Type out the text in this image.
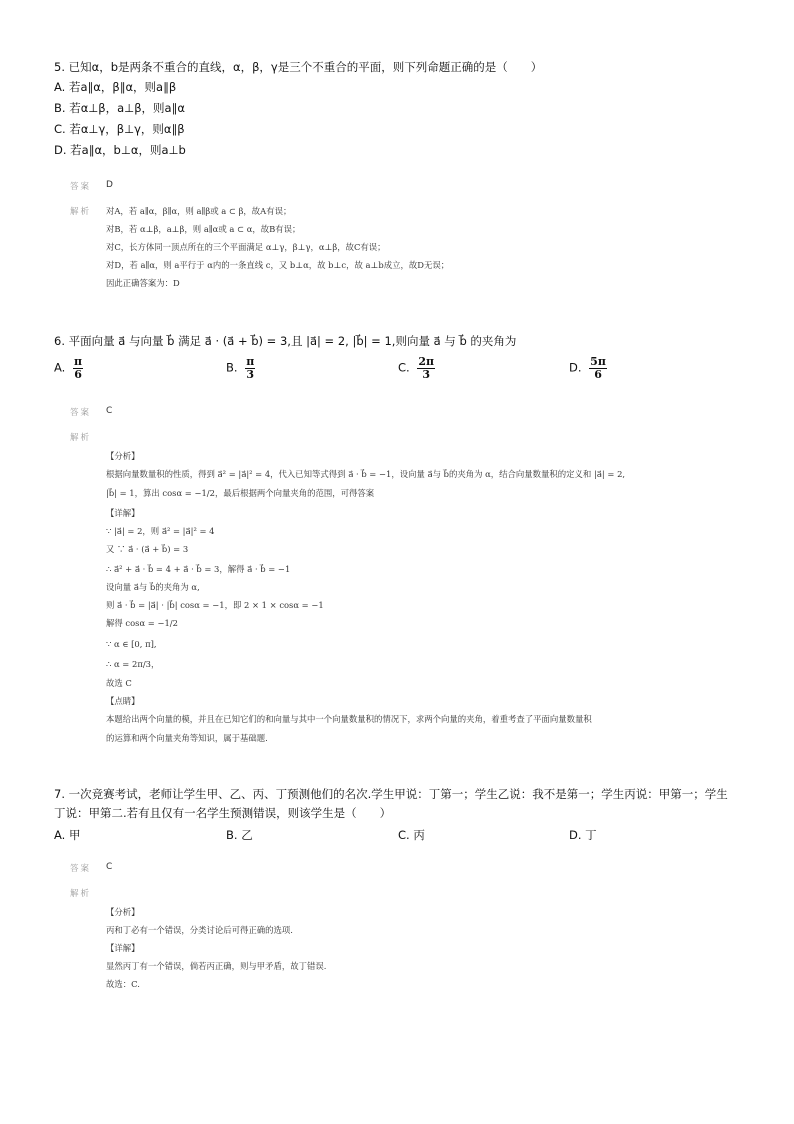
5. 已知α，b是两条不重合的直线，α，β，γ是三个不重合的平面，则下列命题正确的是（　　）
A. 若a∥α，β∥α，则a∥β
B. 若α⊥β，a⊥β，则a∥α
C. 若α⊥γ，β⊥γ，则α∥β
D. 若a∥α，b⊥α，则a⊥b
答案 D
解析 对A，若 a∥α，β∥α，则 a∥β或 a ⊂ β，故A有误；
对B，若 α⊥β，a⊥β，则 a∥α或 a ⊂ α，故B有误；
对C，长方体同一顶点所在的三个平面满足 α⊥γ，β⊥γ，α⊥β，故C有误；
对D，若 a∥α，则 a平行于 α内的一条直线 c，又 b⊥α，故 b⊥c，故 a⊥b成立，故D无误；
因此正确答案为：D
6. 平面向量 a⃗ 与向量 b⃗ 满足 a⃗ · (a⃗ + b⃗) = 3,且 |a⃗| = 2, |b⃗| = 1,则向量 a⃗ 与 b⃗ 的夹角为
A. $\frac{\pi}{6}$	B. $\frac{\pi}{3}$	C. $\frac{2\pi}{3}$	D. $\frac{5\pi}{6}$
答案 C
解析
【分析】
根据向量数量积的性质，得到 a⃗² = |a⃗|² = 4，代入已知等式得到 a⃗ · b⃗ = −1，设向量 a⃗与 b⃗的夹角为 α，结合向量数量积的定义和 |a⃗| = 2,
|b⃗| = 1，算出 cosα = −1/2，最后根据两个向量夹角的范围，可得答案
【详解】
∵ |a⃗| = 2，则 a⃗² = |a⃗|² = 4
又 ∵ a⃗ · (a⃗ + b⃗) = 3
∴ a⃗² + a⃗ · b⃗ = 4 + a⃗ · b⃗ = 3，解得 a⃗ · b⃗ = −1
设向量 a⃗与 b⃗的夹角为 α,
则 a⃗ · b⃗ = |a⃗| · |b⃗| cosα = −1，即 2 × 1 × cosα = −1
解得 cosα = −1/2
∵ α ∈ [0, π],
∴ α = 2π/3，
故选 C
【点睛】
本题给出两个向量的模，并且在已知它们的和向量与其中一个向量数量积的情况下，求两个向量的夹角，着重考查了平面向量数量积
的运算和两个向量夹角等知识，属于基础题.
7. 一次竞赛考试，老师让学生甲、乙、丙、丁预测他们的名次.学生甲说：丁第一；学生乙说：我不是第一；学生丙说：甲第一；学生
丁说：甲第二.若有且仅有一名学生预测错误，则该学生是（　　）
A. 甲	B. 乙	C. 丙	D. 丁
答案 C
解析
【分析】
丙和丁必有一个错误，分类讨论后可得正确的选项.
【详解】
显然丙丁有一个错误，倘若丙正确，则与甲矛盾，故丁错误.
故选：C.
